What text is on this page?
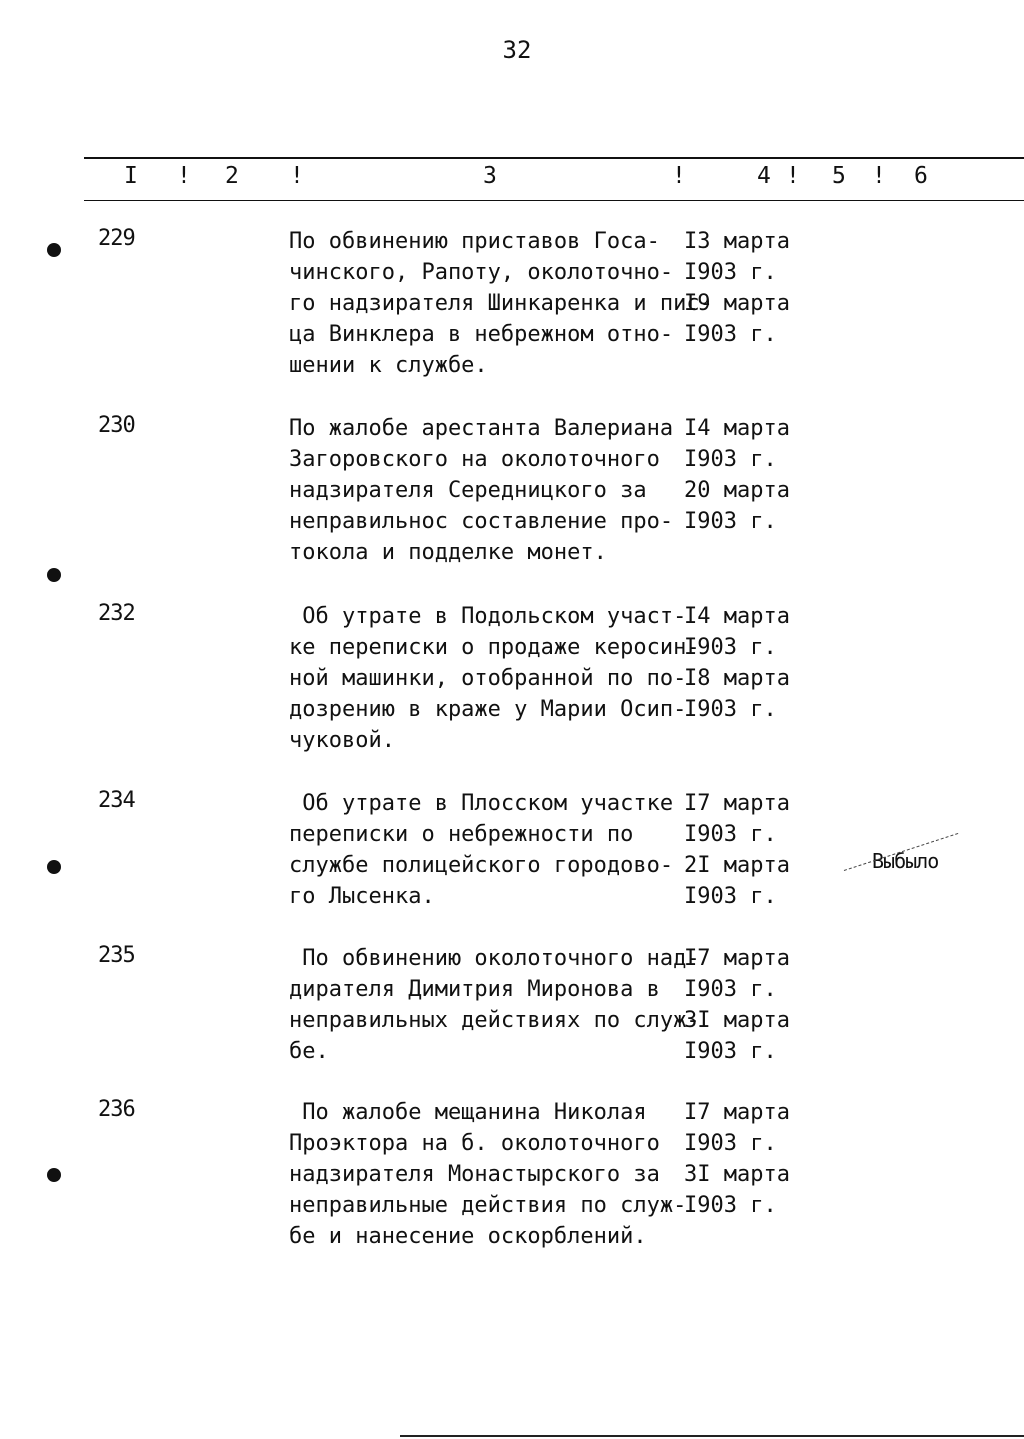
32
I ! 2 !	3	!	4 ! 5 ! 6
229	По обвинению приставов Госа-
чинского, Рапоту, околоточно-
го надзирателя Шинкаренка и пис-
ца Винклера в небрежном отно-
шении к службе.
I3 марта
I903 г.
I9 марта
I903 г.
230	По жалобе арестанта Валериана
Загоровского на околоточного
надзирателя Середницкого за
неправильнос составление про-
токола и подделке монет.
I4 марта
I903 г.
20 марта
I903 г.
232	Об утрате в Подольском участ-
ке переписки о продаже керосин-
ной машинки, отобранной по по-
дозрению в краже у Марии Осип-
чуковой.
I4 марта
I903 г.
I8 марта
I903 г.
234	Об утрате в Плосском участке
переписки о небрежности по
службе полицейского городово-
го Лысенка.
I7 марта
I903 г.
2I марта
I903 г.
Выбыло
235	По обвинению околоточного над-
дирателя Димитрия Миронова в
неправильных действиях по служ-
бе.
I7 марта
I903 г.
3I марта
I903 г.
236	По жалобе мещанина Николая
Проэктора на б. околоточного
надзирателя Монастырского за
неправильные действия по служ-
бе и нанесение оскорблений.
I7 марта
I903 г.
3I марта
I903 г.
